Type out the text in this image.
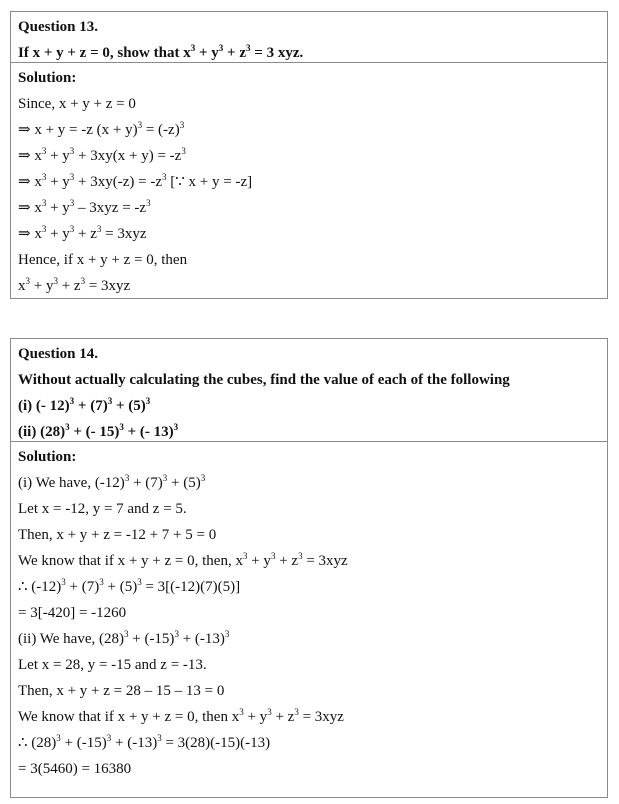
Question 13.
If x + y + z = 0, show that $x^3 + y^3 + z^3 = 3$ xyz.
Solution:
Since, x + y + z = 0
⇒ x + y = -z $(x + y)^3 = (-z)^3$
⇒ $x^3 + y^3 + 3xy(x + y) = -z^3$
⇒ $x^3 + y^3 + 3xy(-z) = -z^3$ [∵ x + y = -z]
⇒ $x^3 + y^3 - 3xyz = -z^3$
⇒ $x^3 + y^3 + z^3 = 3xyz$
Hence, if x + y + z = 0, then
$x^3 + y^3 + z^3 = 3xyz$
Question 14.
Without actually calculating the cubes, find the value of each of the following
(i) (- $12)^3 + (7)^3 + (5)^3$
(ii) $(28)^3$ + (- 15)$^3$ + (- 13)$^3$
Solution:
(i) We have, $(-12)^3 + (7)^3 + (5)^3$
Let x = -12, y = 7 and z = 5.
Then, x + y + z = -12 + 7 + 5 = 0
We know that if x + y + z = 0, then, $x^3 + y^3 + z^3 = 3xyz$
∴ $(-12)^3 + (7)^3 + (5)^3 = 3[(-12)(7)(5)]$
= 3[-420] = -1260
(ii) We have, $(28)^3 + (-15)^3 + (-13)^3$
Let x = 28, y = -15 and z = -13.
Then, x + y + z = 28 – 15 – 13 = 0
We know that if x + y + z = 0, then $x^3 + y^3 + z^3 = 3xyz$
∴ $(28)^3 + (-15)^3 + (-13)^3 = 3(28)(-15)(-13)$
= 3(5460) = 16380
